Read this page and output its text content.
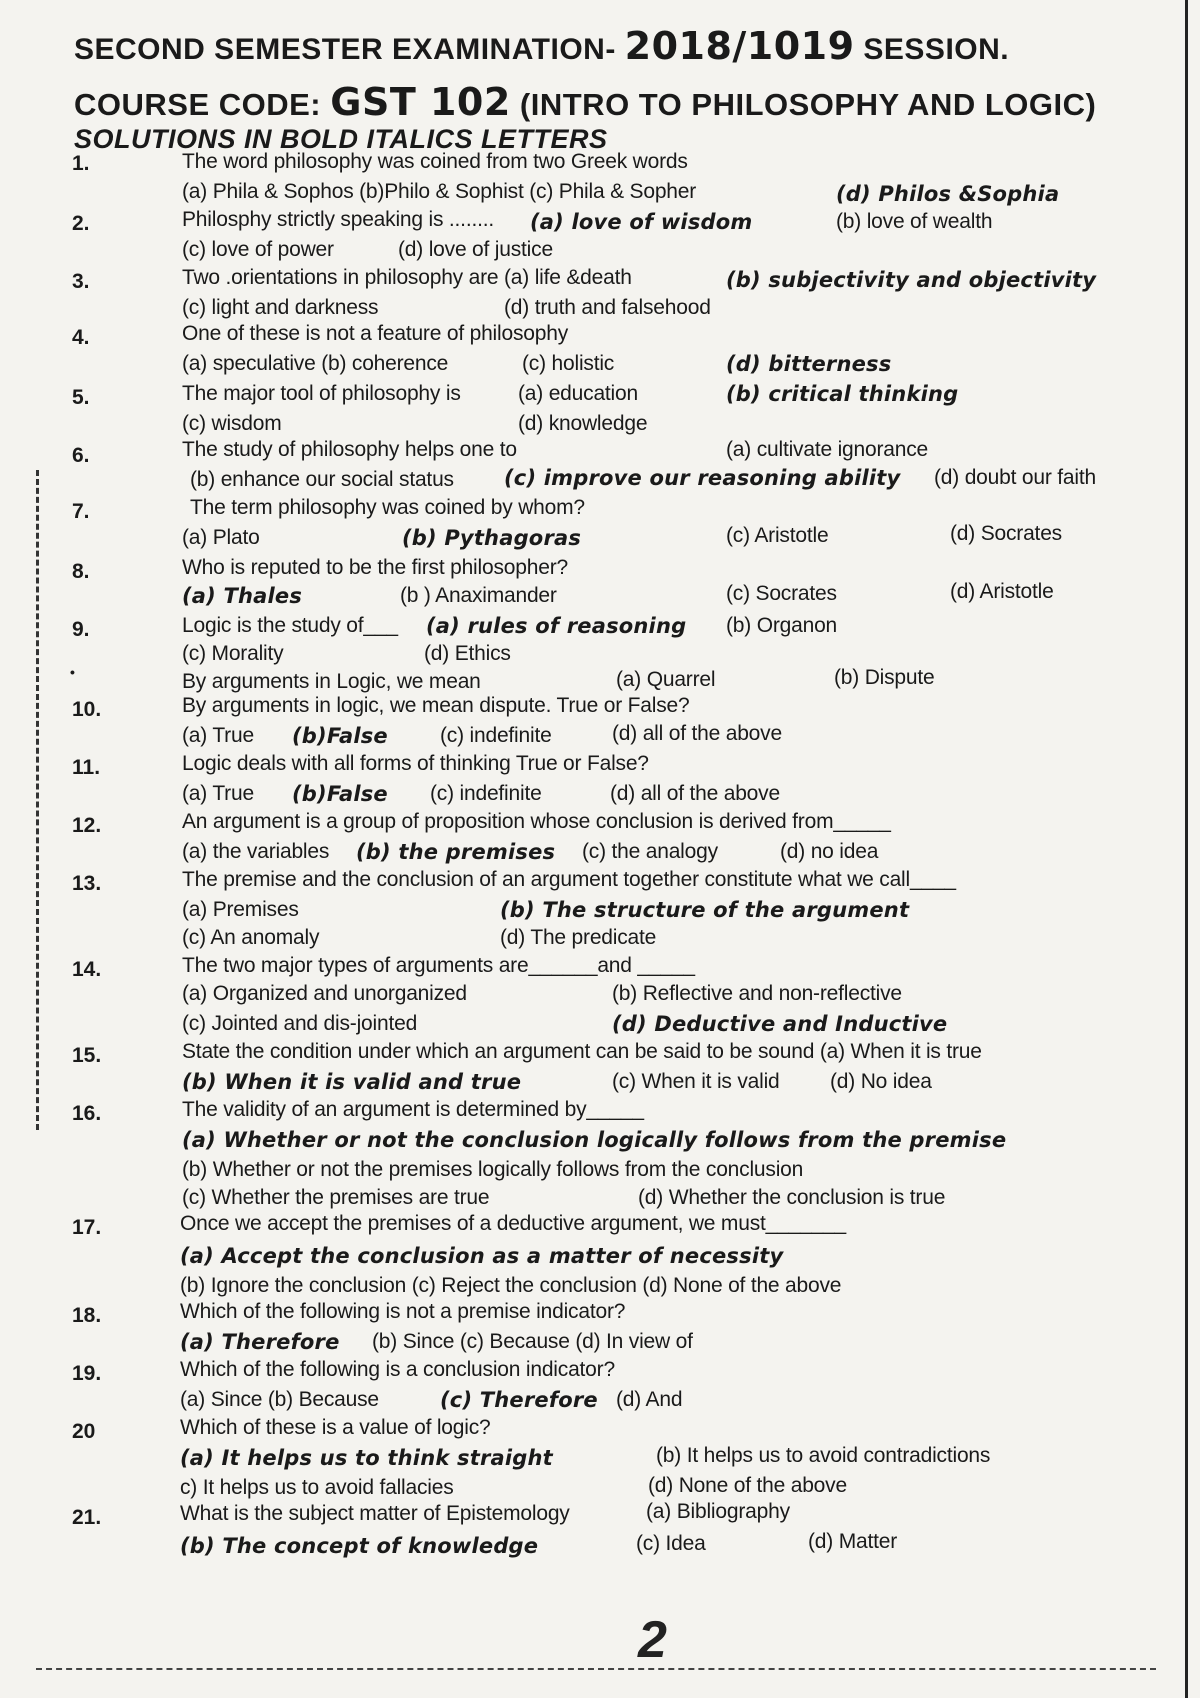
SECOND SEMESTER EXAMINATION- 2018/1019 SESSION.
COURSE CODE: GST 102 (INTRO TO PHILOSOPHY AND LOGIC)
SOLUTIONS IN BOLD ITALICS LETTERS
1.	The word philosophy was coined from two Greek words
(a) Phila & Sophos (b)Philo & Sophist (c) Phila & Sopher	(d) Philos &Sophia
2.	Philosphy strictly speaking is ........ (a) love of wisdom	(b) love of wealth
(c) love of power	(d) love of justice
3.	Two .orientations in philosophy are (a) life &death	(b) subjectivity and objectivity
(c) light and darkness	(d) truth and falsehood
4.	One of these is not a feature of philosophy
(a) speculative (b) coherence	(c) holistic	(d) bitterness
5.	The major tool of philosophy is	(a) education	(b) critical thinking
(c) wisdom	(d) knowledge
6.	The study of philosophy helps one to	(a) cultivate ignorance
(b) enhance our social status (c) improve our reasoning ability (d) doubt our faith
7.	The term philosophy was coined by whom?
(a) Plato	(b) Pythagoras	(c) Aristotle	(d) Socrates
8.	Who is reputed to be the first philosopher?
(a) Thales	(b ) Anaximander	(c) Socrates	(d) Aristotle
9.	Logic is the study of___ (a) rules of reasoning (b) Organon
(c) Morality	(d) Ethics
•	By arguments in Logic, we mean	(a) Quarrel	(b) Dispute
10.	By arguments in logic, we mean dispute. True or False?
(a) True (b)False (c) indefinite	(d) all of the above
11.	Logic deals with all forms of thinking True or False?
(a) True (b)False (c) indefinite	(d) all of the above
12.	An argument is a group of proposition whose conclusion is derived from_____
(a) the variables (b) the premises (c) the analogy	(d) no idea
13.	The premise and the conclusion of an argument together constitute what we call____
(a) Premises	(b) The structure of the argument
(c) An anomaly	(d) The predicate
14.	The two major types of arguments are______and _____
(a) Organized and unorganized	(b) Reflective and non-reflective
(c) Jointed and dis-jointed	(d) Deductive and Inductive
15.	State the condition under which an argument can be said to be sound (a) When it is true
(b) When it is valid and true	(c) When it is valid (d) No idea
16.	The validity of an argument is determined by_____
(a) Whether or not the conclusion logically follows from the premise
(b) Whether or not the premises logically follows from the conclusion
(c) Whether the premises are true	(d) Whether the conclusion is true
17.	Once we accept the premises of a deductive argument, we must_______
(a) Accept the conclusion as a matter of necessity
(b) Ignore the conclusion (c) Reject the conclusion (d) None of the above
18.	Which of the following is not a premise indicator?
(a) Therefore (b) Since (c) Because (d) In view of
19.	Which of the following is a conclusion indicator?
(a) Since (b) Because	(c) Therefore (d) And
20	Which of these is a value of logic?
(a) It helps us to think straight	(b) It helps us to avoid contradictions
c) It helps us to avoid fallacies	(d) None of the above
21.	What is the subject matter of Epistemology	(a) Bibliography
(b) The concept of knowledge	(c) Idea	(d) Matter
2
